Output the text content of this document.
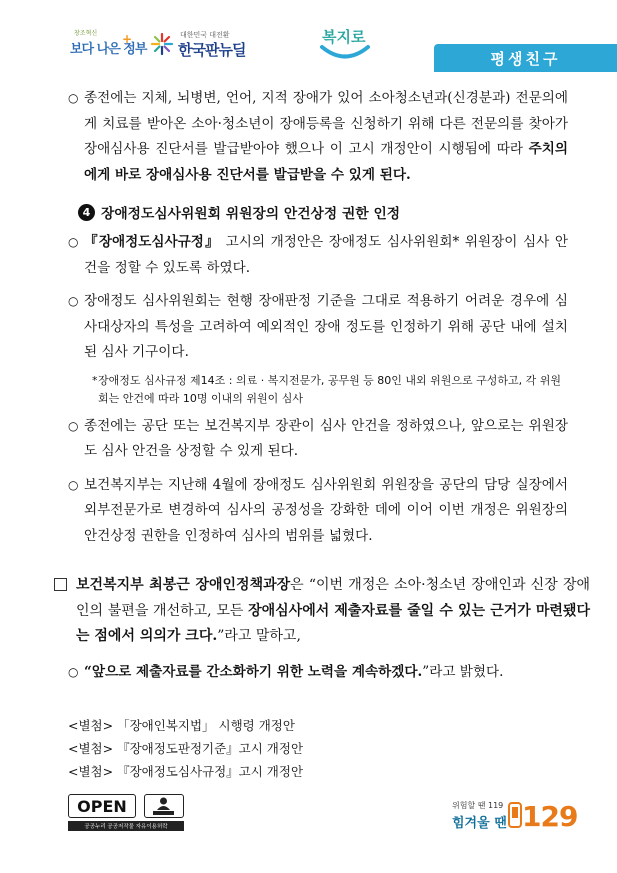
창조혁신
보다 나은 정부
+	대한민국 대전환
한국판뉴딜
복지로
평생친구
○ 종전에는 지체, 뇌병변, 언어, 지적 장애가 있어 소아청소년과(신경분과) 전문의에게 치료를 받아온 소아·청소년이 장애등록을 신청하기 위해 다른 전문의를 찾아가 장애심사용 진단서를 발급받아야 했으나 이 고시 개정안이 시행됨에 따라 주치의에게 바로 장애심사용 진단서를 발급받을 수 있게 된다.
4 장애정도심사위원회 위원장의 안건상정 권한 인정
○ 『장애정도심사규정』 고시의 개정안은 장애정도 심사위원회* 위원장이 심사 안건을 정할 수 있도록 하였다.
○ 장애정도 심사위원회는 현행 장애판정 기준을 그대로 적용하기 어려운 경우에 심사대상자의 특성을 고려하여 예외적인 장애 정도를 인정하기 위해 공단 내에 설치된 심사 기구이다.
* 장애정도 심사규정 제14조 : 의료 · 복지전문가, 공무원 등 80인 내외 위원으로 구성하고, 각 위원회는 안건에 따라 10명 이내의 위원이 심사
○ 종전에는 공단 또는 보건복지부 장관이 심사 안건을 정하였으나, 앞으로는 위원장도 심사 안건을 상정할 수 있게 된다.
○ 보건복지부는 지난해 4월에 장애정도 심사위원회 위원장을 공단의 담당 실장에서 외부전문가로 변경하여 심사의 공정성을 강화한 데에 이어 이번 개정은 위원장의 안건상정 권한을 인정하여 심사의 범위를 넓혔다.
보건복지부 최봉근 장애인정책과장은 “이번 개정은 소아·청소년 장애인과 신장 장애인의 불편을 개선하고, 모든 장애심사에서 제출자료를 줄일 수 있는 근거가 마련됐다는 점에서 의의가 크다.”라고 말하고,
○ “앞으로 제출자료를 간소화하기 위한 노력을 계속하겠다.”라고 밝혔다.
<별첨> 「장애인복지법」 시행령 개정안
<별첨> 『장애정도판정기준』고시 개정안
<별첨> 『장애정도심사규정』고시 개정안
OPEN
공공누리 공공저작물 자유이용허락
위험할 땐 119
힘겨울 땐 129
